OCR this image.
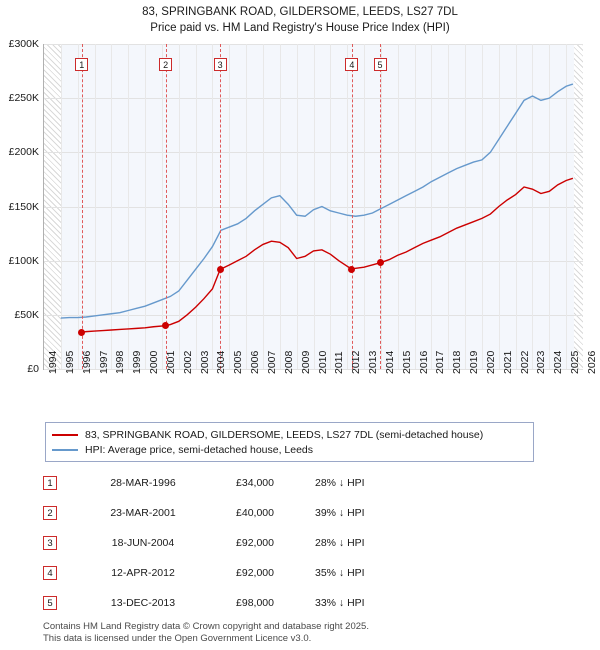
83, SPRINGBANK ROAD, GILDERSOME, LEEDS, LS27 7DL
Price paid vs. HM Land Registry's House Price Index (HPI)
1	2	3	4	5
83, SPRINGBANK ROAD, GILDERSOME, LEEDS, LS27 7DL (semi-detached house)
HPI: Average price, semi-detached house, Leeds
1	28-MAR-1996	£34,000	28% ↓ HPI
2	23-MAR-2001	£40,000	39% ↓ HPI
3	18-JUN-2004	£92,000	28% ↓ HPI
4	12-APR-2012	£92,000	35% ↓ HPI
5	13-DEC-2013	£98,000	33% ↓ HPI
Contains HM Land Registry data © Crown copyright and database right 2025.
This data is licensed under the Open Government Licence v3.0.
£0
£50K
£100K
£150K
£200K
£250K
£300K
1994 1995 1996 1997 1998 1999 2000 2001 2002 2003 2004 2005 2006 2007 2008 2009 2010 2011 2012 2013 2014 2015 2016 2017 2018 2019 2020 2021 2022 2023 2024 2025 2026
